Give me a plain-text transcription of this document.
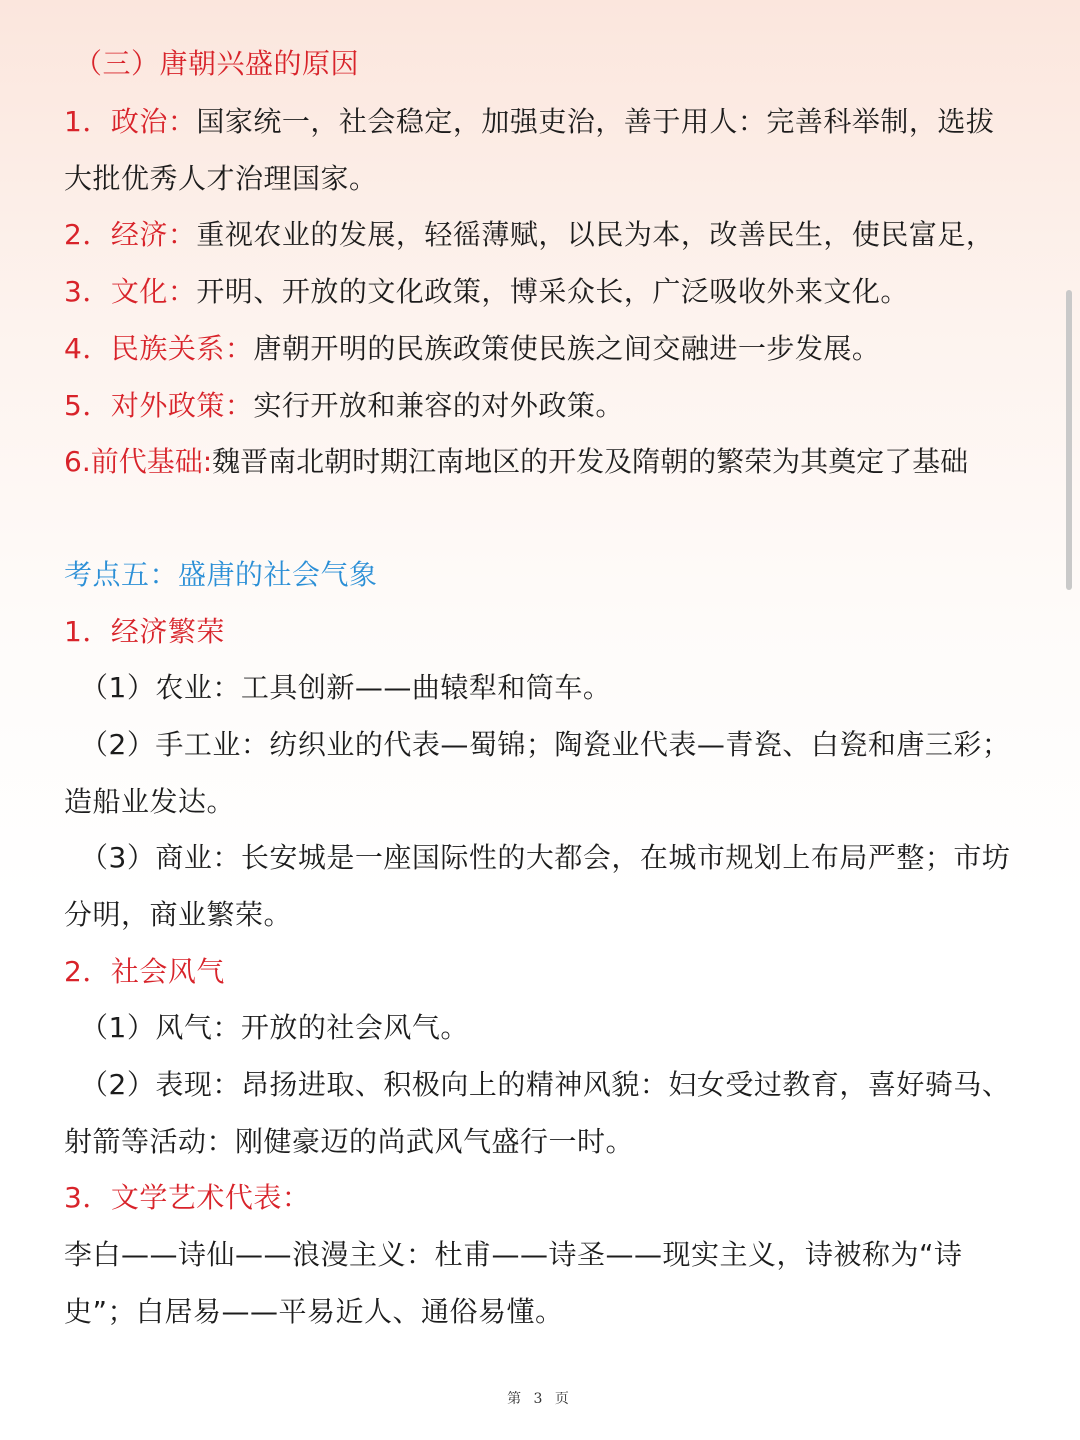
（三）唐朝兴盛的原因
1．政治：国家统一，社会稳定，加强吏治，善于用人：完善科举制，选拔
大批优秀人才治理国家。
2．经济：重视农业的发展，轻徭薄赋，以民为本，改善民生，使民富足，
3．文化：开明、开放的文化政策，博采众长，广泛吸收外来文化。
4．民族关系：唐朝开明的民族政策使民族之间交融进一步发展。
5．对外政策：实行开放和兼容的对外政策。
6.前代基础:魏晋南北朝时期江南地区的开发及隋朝的繁荣为其奠定了基础
考点五：盛唐的社会气象
1．经济繁荣
（1）农业：工具创新——曲辕犁和筒车。
（2）手工业：纺织业的代表—蜀锦；陶瓷业代表—青瓷、白瓷和唐三彩；
造船业发达。
（3）商业：长安城是一座国际性的大都会，在城市规划上布局严整；市坊
分明，商业繁荣。
2．社会风气
（1）风气：开放的社会风气。
（2）表现：昂扬进取、积极向上的精神风貌：妇女受过教育，喜好骑马、
射箭等活动：刚健豪迈的尚武风气盛行一时。
3．文学艺术代表：
李白——诗仙——浪漫主义：杜甫——诗圣——现实主义，诗被称为“诗
史”；白居易——平易近人、通俗易懂。
第 3 页
